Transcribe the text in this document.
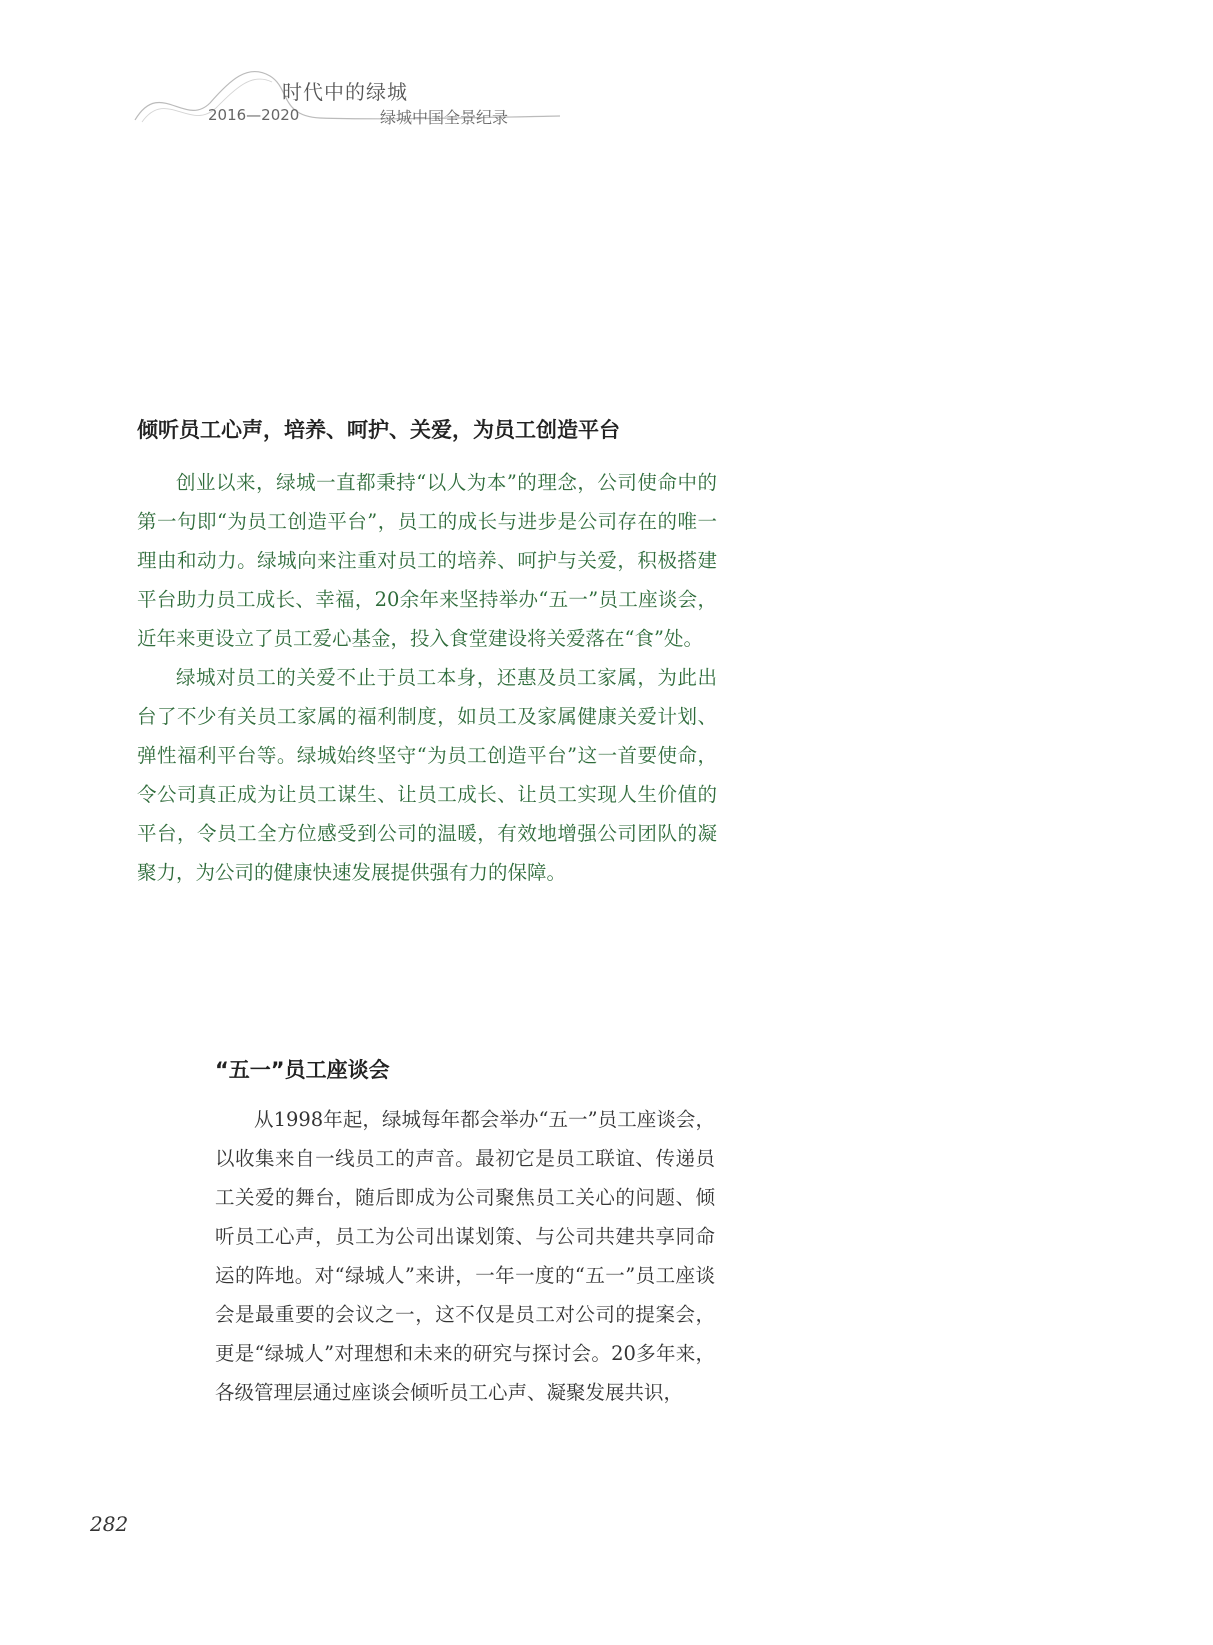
时代中的绿城
2016—2020	绿城中国全景纪录
倾听员工心声，培养、呵护、关爱，为员工创造平台

创业以来，绿城一直都秉持“以人为本”的理念，公司使命中的第一句即“为员工创造平台”，员工的成长与进步是公司存在的唯一理由和动力。绿城向来注重对员工的培养、呵护与关爱，积极搭建平台助力员工成长、幸福，20余年来坚持举办“五一”员工座谈会，近年来更设立了员工爱心基金，投入食堂建设将关爱落在“食”处。

绿城对员工的关爱不止于员工本身，还惠及员工家属，为此出台了不少有关员工家属的福利制度，如员工及家属健康关爱计划、弹性福利平台等。绿城始终坚守“为员工创造平台”这一首要使命，令公司真正成为让员工谋生、让员工成长、让员工实现人生价值的平台，令员工全方位感受到公司的温暖，有效地增强公司团队的凝聚力，为公司的健康快速发展提供强有力的保障。

“五一”员工座谈会

从1998年起，绿城每年都会举办“五一”员工座谈会，以收集来自一线员工的声音。最初它是员工联谊、传递员工关爱的舞台，随后即成为公司聚焦员工关心的问题、倾听员工心声，员工为公司出谋划策、与公司共建共享同命运的阵地。对“绿城人”来讲，一年一度的“五一”员工座谈会是最重要的会议之一，这不仅是员工对公司的提案会，更是“绿城人”对理想和未来的研究与探讨会。20多年来，各级管理层通过座谈会倾听员工心声、凝聚发展共识，

282
